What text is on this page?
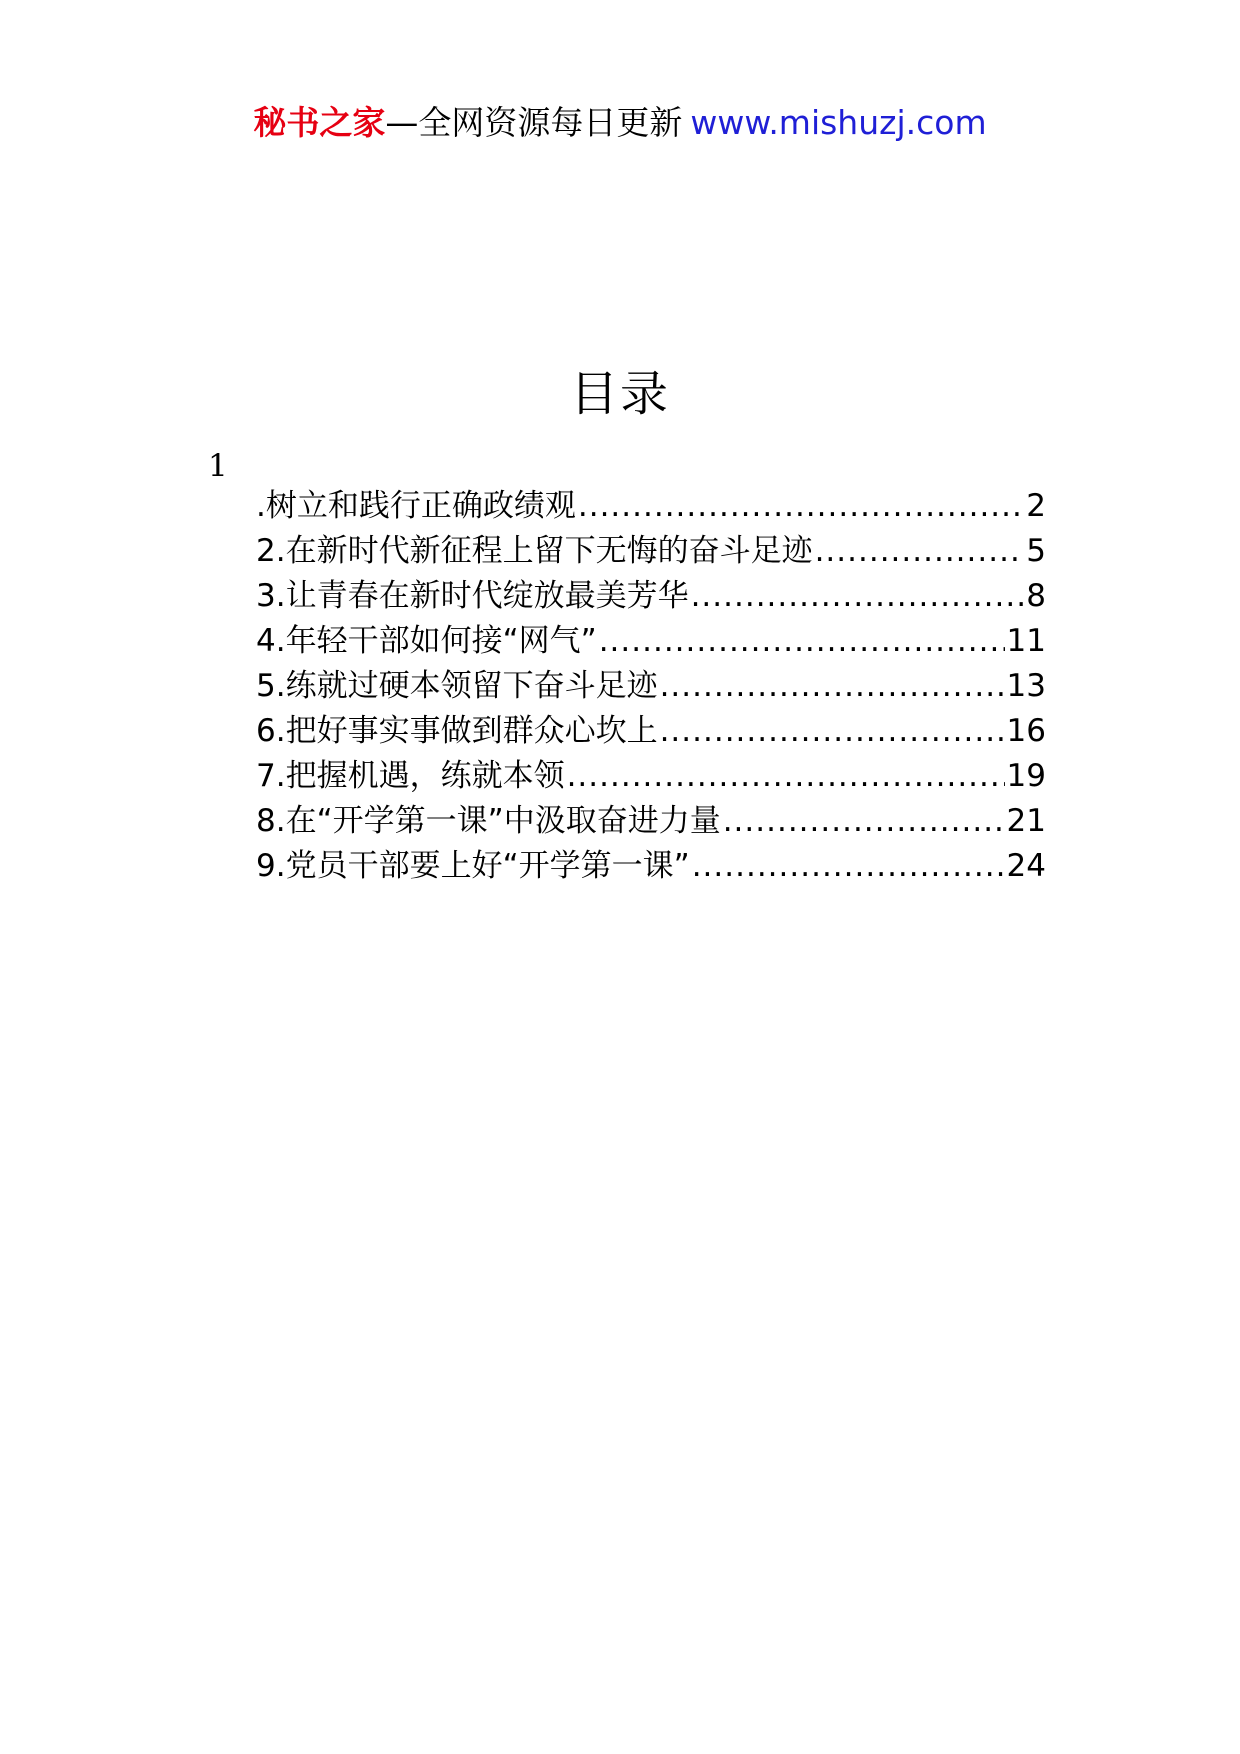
秘书之家—全网资源每日更新 www.mishuzj.com
目录
1
.树立和践行正确政绩观 .....	2
2.在新时代新征程上留下无悔的奋斗足迹 .....	5
3.让青春在新时代绽放最美芳华 .....	8
4.年轻干部如何接“网气” .....	11
5.练就过硬本领留下奋斗足迹 .....	13
6.把好事实事做到群众心坎上 .....	16
7.把握机遇，练就本领 .....	19
8.在“开学第一课”中汲取奋进力量 .....	21
9.党员干部要上好“开学第一课” .....	24
